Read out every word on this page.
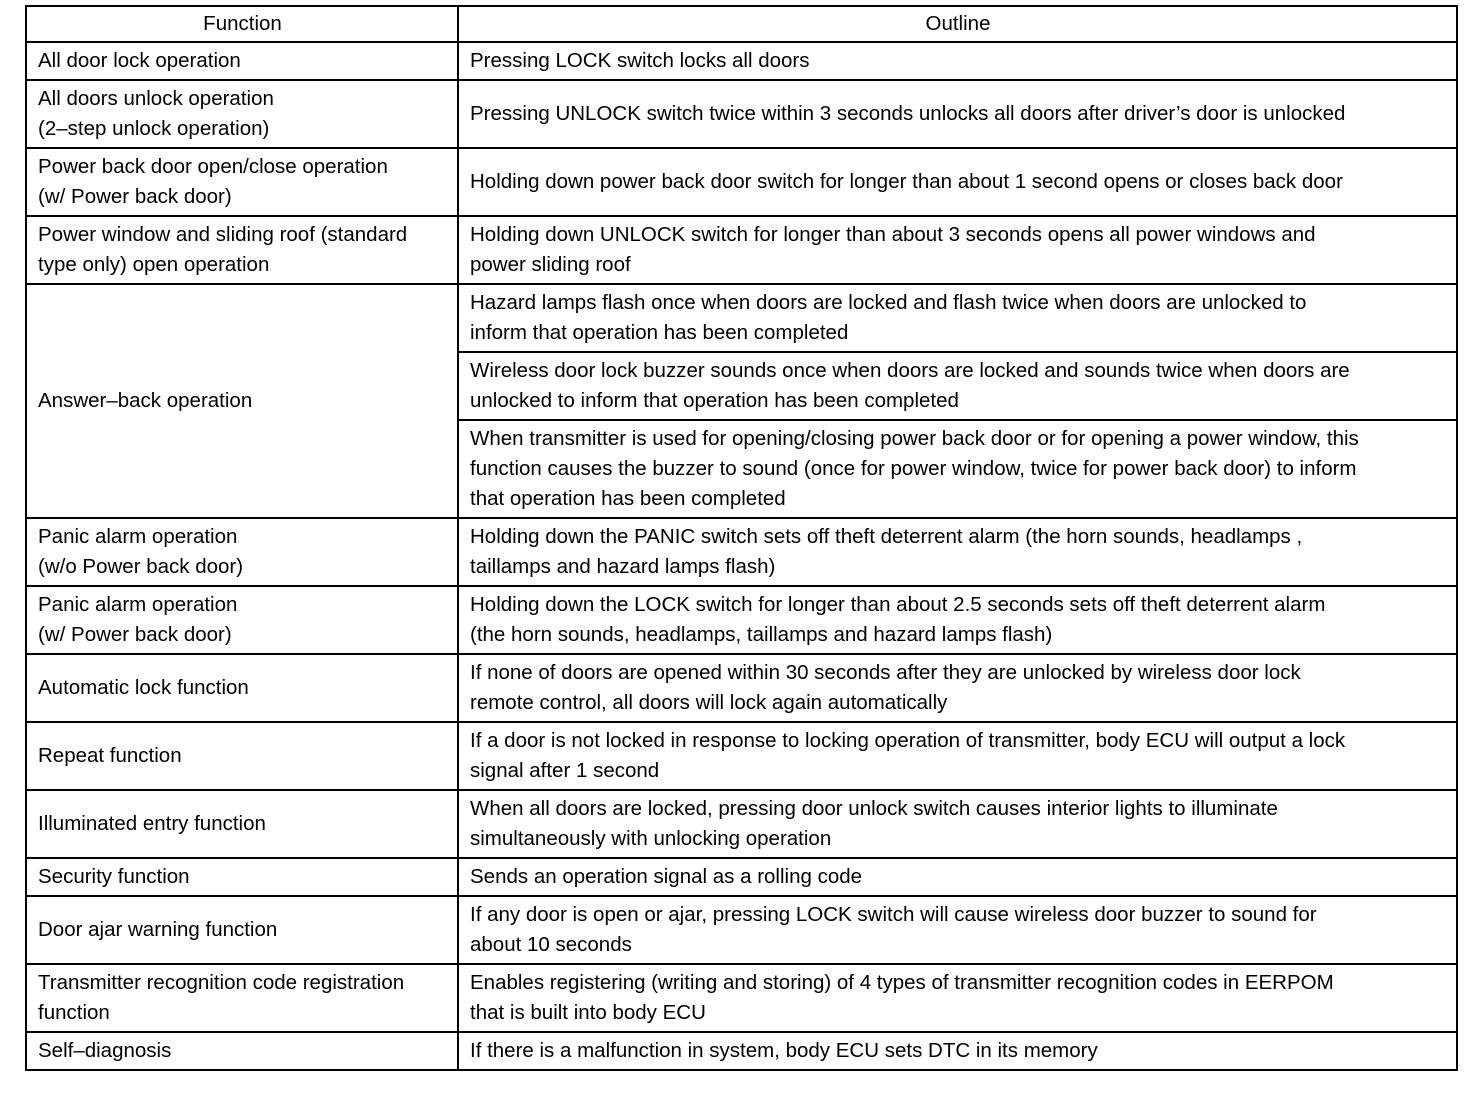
Function	Outline
All door lock operation	Pressing LOCK switch locks all doors
All doors unlock operation
(2–step unlock operation)	Pressing UNLOCK switch twice within 3 seconds unlocks all doors after driver’s door is unlocked
Power back door open/close operation
(w/ Power back door)	Holding down power back door switch for longer than about 1 second opens or closes back door
Power window and sliding roof (standard
type only) open operation	Holding down UNLOCK switch for longer than about 3 seconds opens all power windows and
power sliding roof
Answer–back operation	Hazard lamps flash once when doors are locked and flash twice when doors are unlocked to
inform that operation has been completed
	Wireless door lock buzzer sounds once when doors are locked and sounds twice when doors are
unlocked to inform that operation has been completed
	When transmitter is used for opening/closing power back door or for opening a power window, this
function causes the buzzer to sound (once for power window, twice for power back door) to inform
that operation has been completed
Panic alarm operation
(w/o Power back door)	Holding down the PANIC switch sets off theft deterrent alarm (the horn sounds, headlamps ,
taillamps and hazard lamps flash)
Panic alarm operation
(w/ Power back door)	Holding down the LOCK switch for longer than about 2.5 seconds sets off theft deterrent alarm
(the horn sounds, headlamps, taillamps and hazard lamps flash)
Automatic lock function	If none of doors are opened within 30 seconds after they are unlocked by wireless door lock
remote control, all doors will lock again automatically
Repeat function	If a door is not locked in response to locking operation of transmitter, body ECU will output a lock
signal after 1 second
Illuminated entry function	When all doors are locked, pressing door unlock switch causes interior lights to illuminate
simultaneously with unlocking operation
Security function	Sends an operation signal as a rolling code
Door ajar warning function	If any door is open or ajar, pressing LOCK switch will cause wireless door buzzer to sound for
about 10 seconds
Transmitter recognition code registration
function	Enables registering (writing and storing) of 4 types of transmitter recognition codes in EERPOM
that is built into body ECU
Self–diagnosis	If there is a malfunction in system, body ECU sets DTC in its memory
